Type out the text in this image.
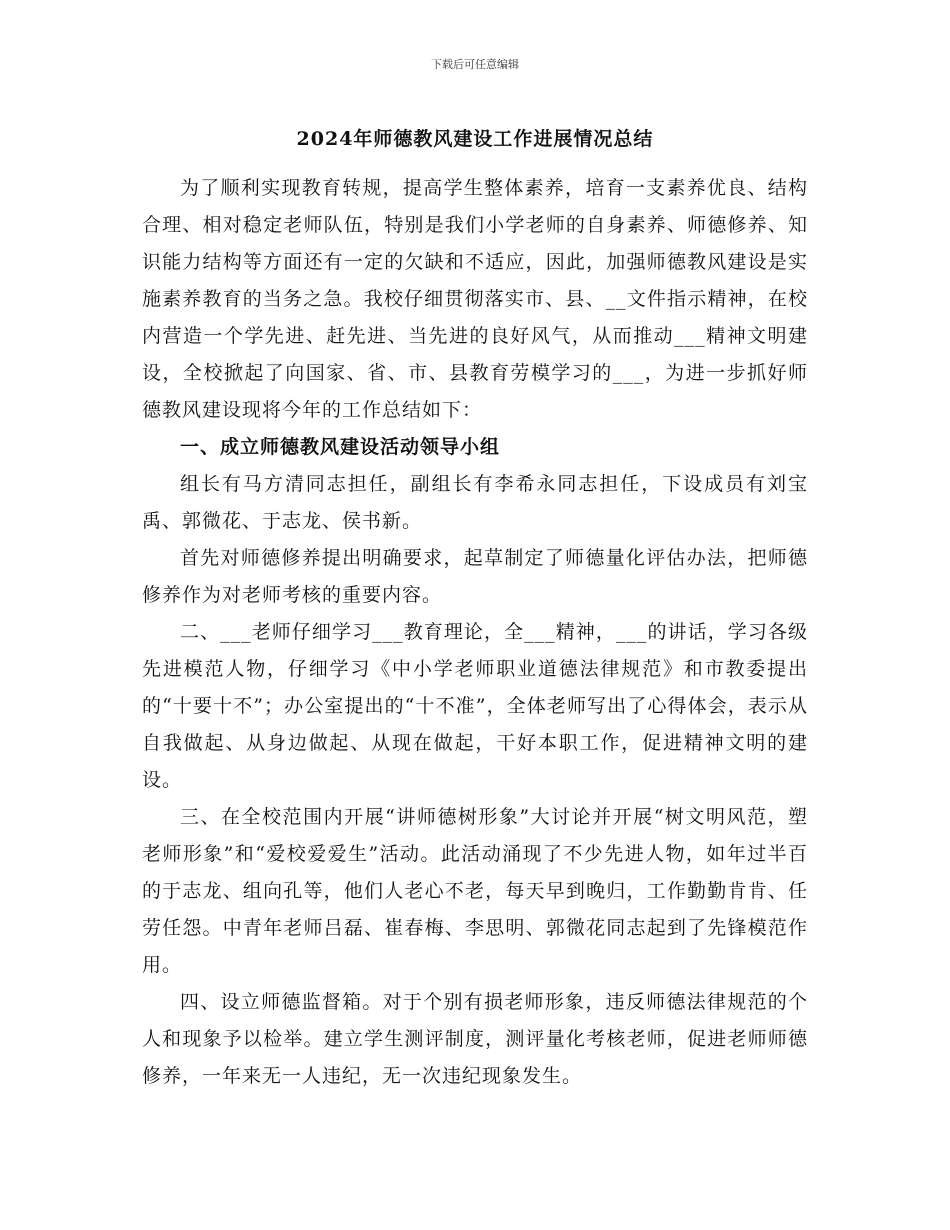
下载后可任意编辑
2024年师德教风建设工作进展情况总结

为了顺利实现教育转规，提高学生整体素养，培育一支素养优良、结构合理、相对稳定老师队伍，特别是我们小学老师的自身素养、师德修养、知识能力结构等方面还有一定的欠缺和不适应，因此，加强师德教风建设是实施素养教育的当务之急。我校仔细贯彻落实市、县、__文件指示精神，在校内营造一个学先进、赶先进、当先进的良好风气，从而推动___精神文明建设，全校掀起了向国家、省、市、县教育劳模学习的___，为进一步抓好师德教风建设现将今年的工作总结如下：

一、成立师德教风建设活动领导小组

组长有马方清同志担任，副组长有李希永同志担任，下设成员有刘宝禹、郭微花、于志龙、侯书新。

首先对师德修养提出明确要求，起草制定了师德量化评估办法，把师德修养作为对老师考核的重要内容。

二、___老师仔细学习___教育理论，全___精神，___的讲话，学习各级先进模范人物，仔细学习《中小学老师职业道德法律规范》和市教委提出的“十要十不”；办公室提出的“十不准”，全体老师写出了心得体会，表示从自我做起、从身边做起、从现在做起，干好本职工作，促进精神文明的建设。

三、在全校范围内开展“讲师德树形象”大讨论并开展“树文明风范，塑老师形象”和“爱校爱爱生”活动。此活动涌现了不少先进人物，如年过半百的于志龙、组向孔等，他们人老心不老，每天早到晚归，工作勤勤肯肯、任劳任怨。中青年老师吕磊、崔春梅、李思明、郭微花同志起到了先锋模范作用。

四、设立师德监督箱。对于个别有损老师形象，违反师德法律规范的个人和现象予以检举。建立学生测评制度，测评量化考核老师，促进老师师德修养，一年来无一人违纪，无一次违纪现象发生。
